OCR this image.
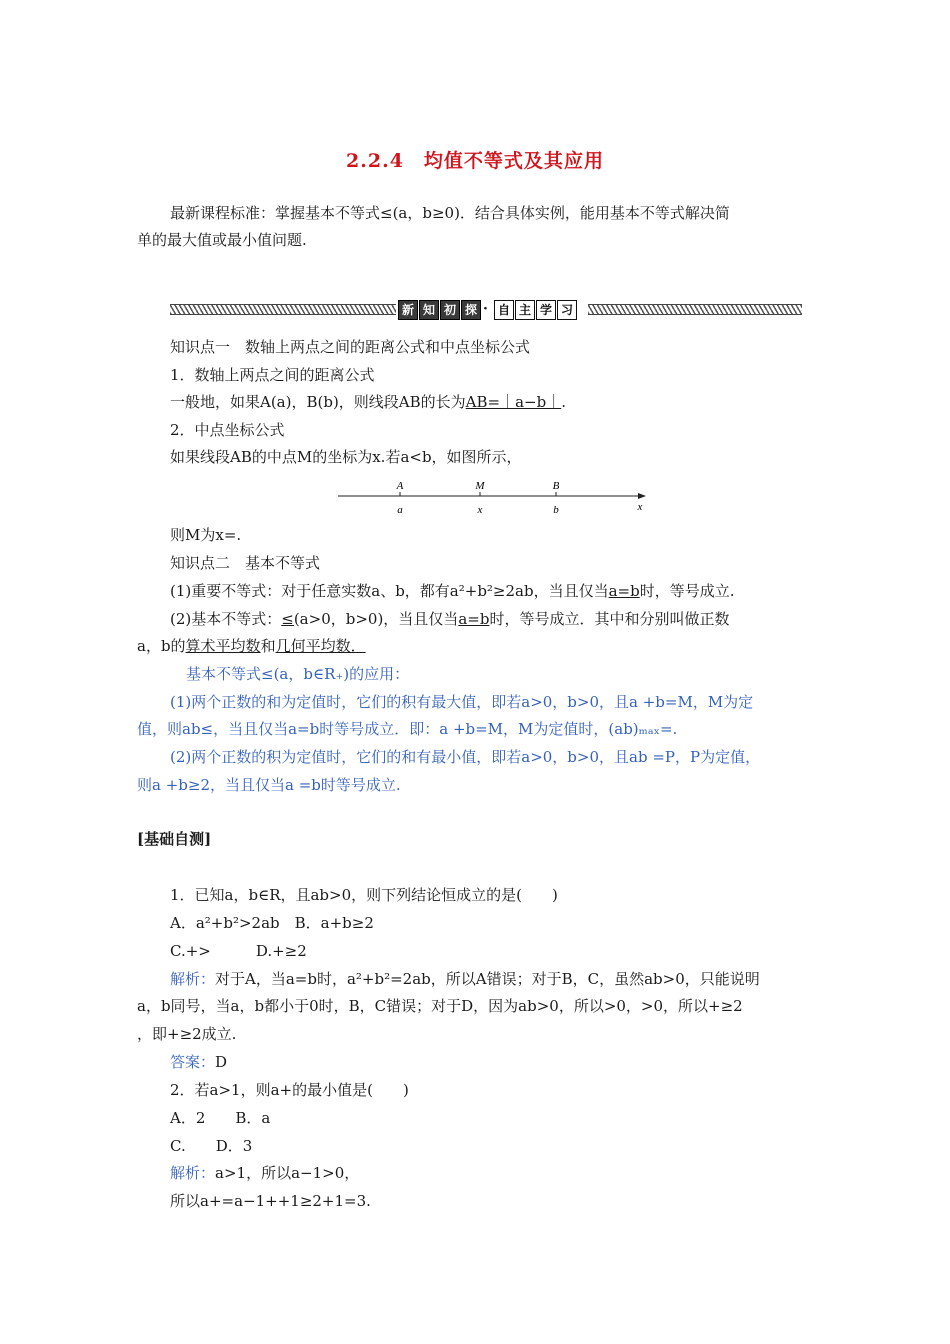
2.2.4　均值不等式及其应用
最新课程标准：掌握基本不等式≤(a，b≥0)．结合具体实例，能用基本不等式解决简
单的最大值或最小值问题.
新 知 初 探 · 自 主 学 习
知识点一　数轴上两点之间的距离公式和中点坐标公式
1．数轴上两点之间的距离公式
一般地，如果A(a)，B(b)，则线段AB的长为AB=｜a−b｜.
2．中点坐标公式
如果线段AB的中点M的坐标为x.若a<b，如图所示，
A	M	B
a	x	b	x
则M为x=.
知识点二　基本不等式
(1)重要不等式：对于任意实数a、b，都有a²+b²≥2ab，当且仅当a=b时，等号成立.
(2)基本不等式：≤(a>0，b>0)，当且仅当a=b时，等号成立．其中和分别叫做正数
a，b的算术平均数和几何平均数．
基本不等式≤(a，b∈R₊)的应用：
(1)两个正数的和为定值时，它们的积有最大值，即若a>0，b>0，且a +b=M，M为定
值，则ab≤，当且仅当a=b时等号成立．即：a +b=M，M为定值时，(ab)ₘₐₓ=.
(2)两个正数的积为定值时，它们的和有最小值，即若a>0，b>0，且ab =P，P为定值，
则a +b≥2，当且仅当a =b时等号成立.
[基础自测]
1．已知a，b∈R，且ab>0，则下列结论恒成立的是(　　)
A．a²+b²>2ab　B．a+b≥2
C.+>　　　D.+≥2
解析：对于A，当a=b时，a²+b²=2ab，所以A错误；对于B，C，虽然ab>0，只能说明
a，b同号，当a，b都小于0时，B，C错误；对于D，因为ab>0，所以>0，>0，所以+≥2
，即+≥2成立.
答案：D
2．若a>1，则a+的最小值是(　　)
A．2　　B．a
C.　　D．3
解析：a>1，所以a−1>0，
所以a+=a−1++1≥2+1=3.
